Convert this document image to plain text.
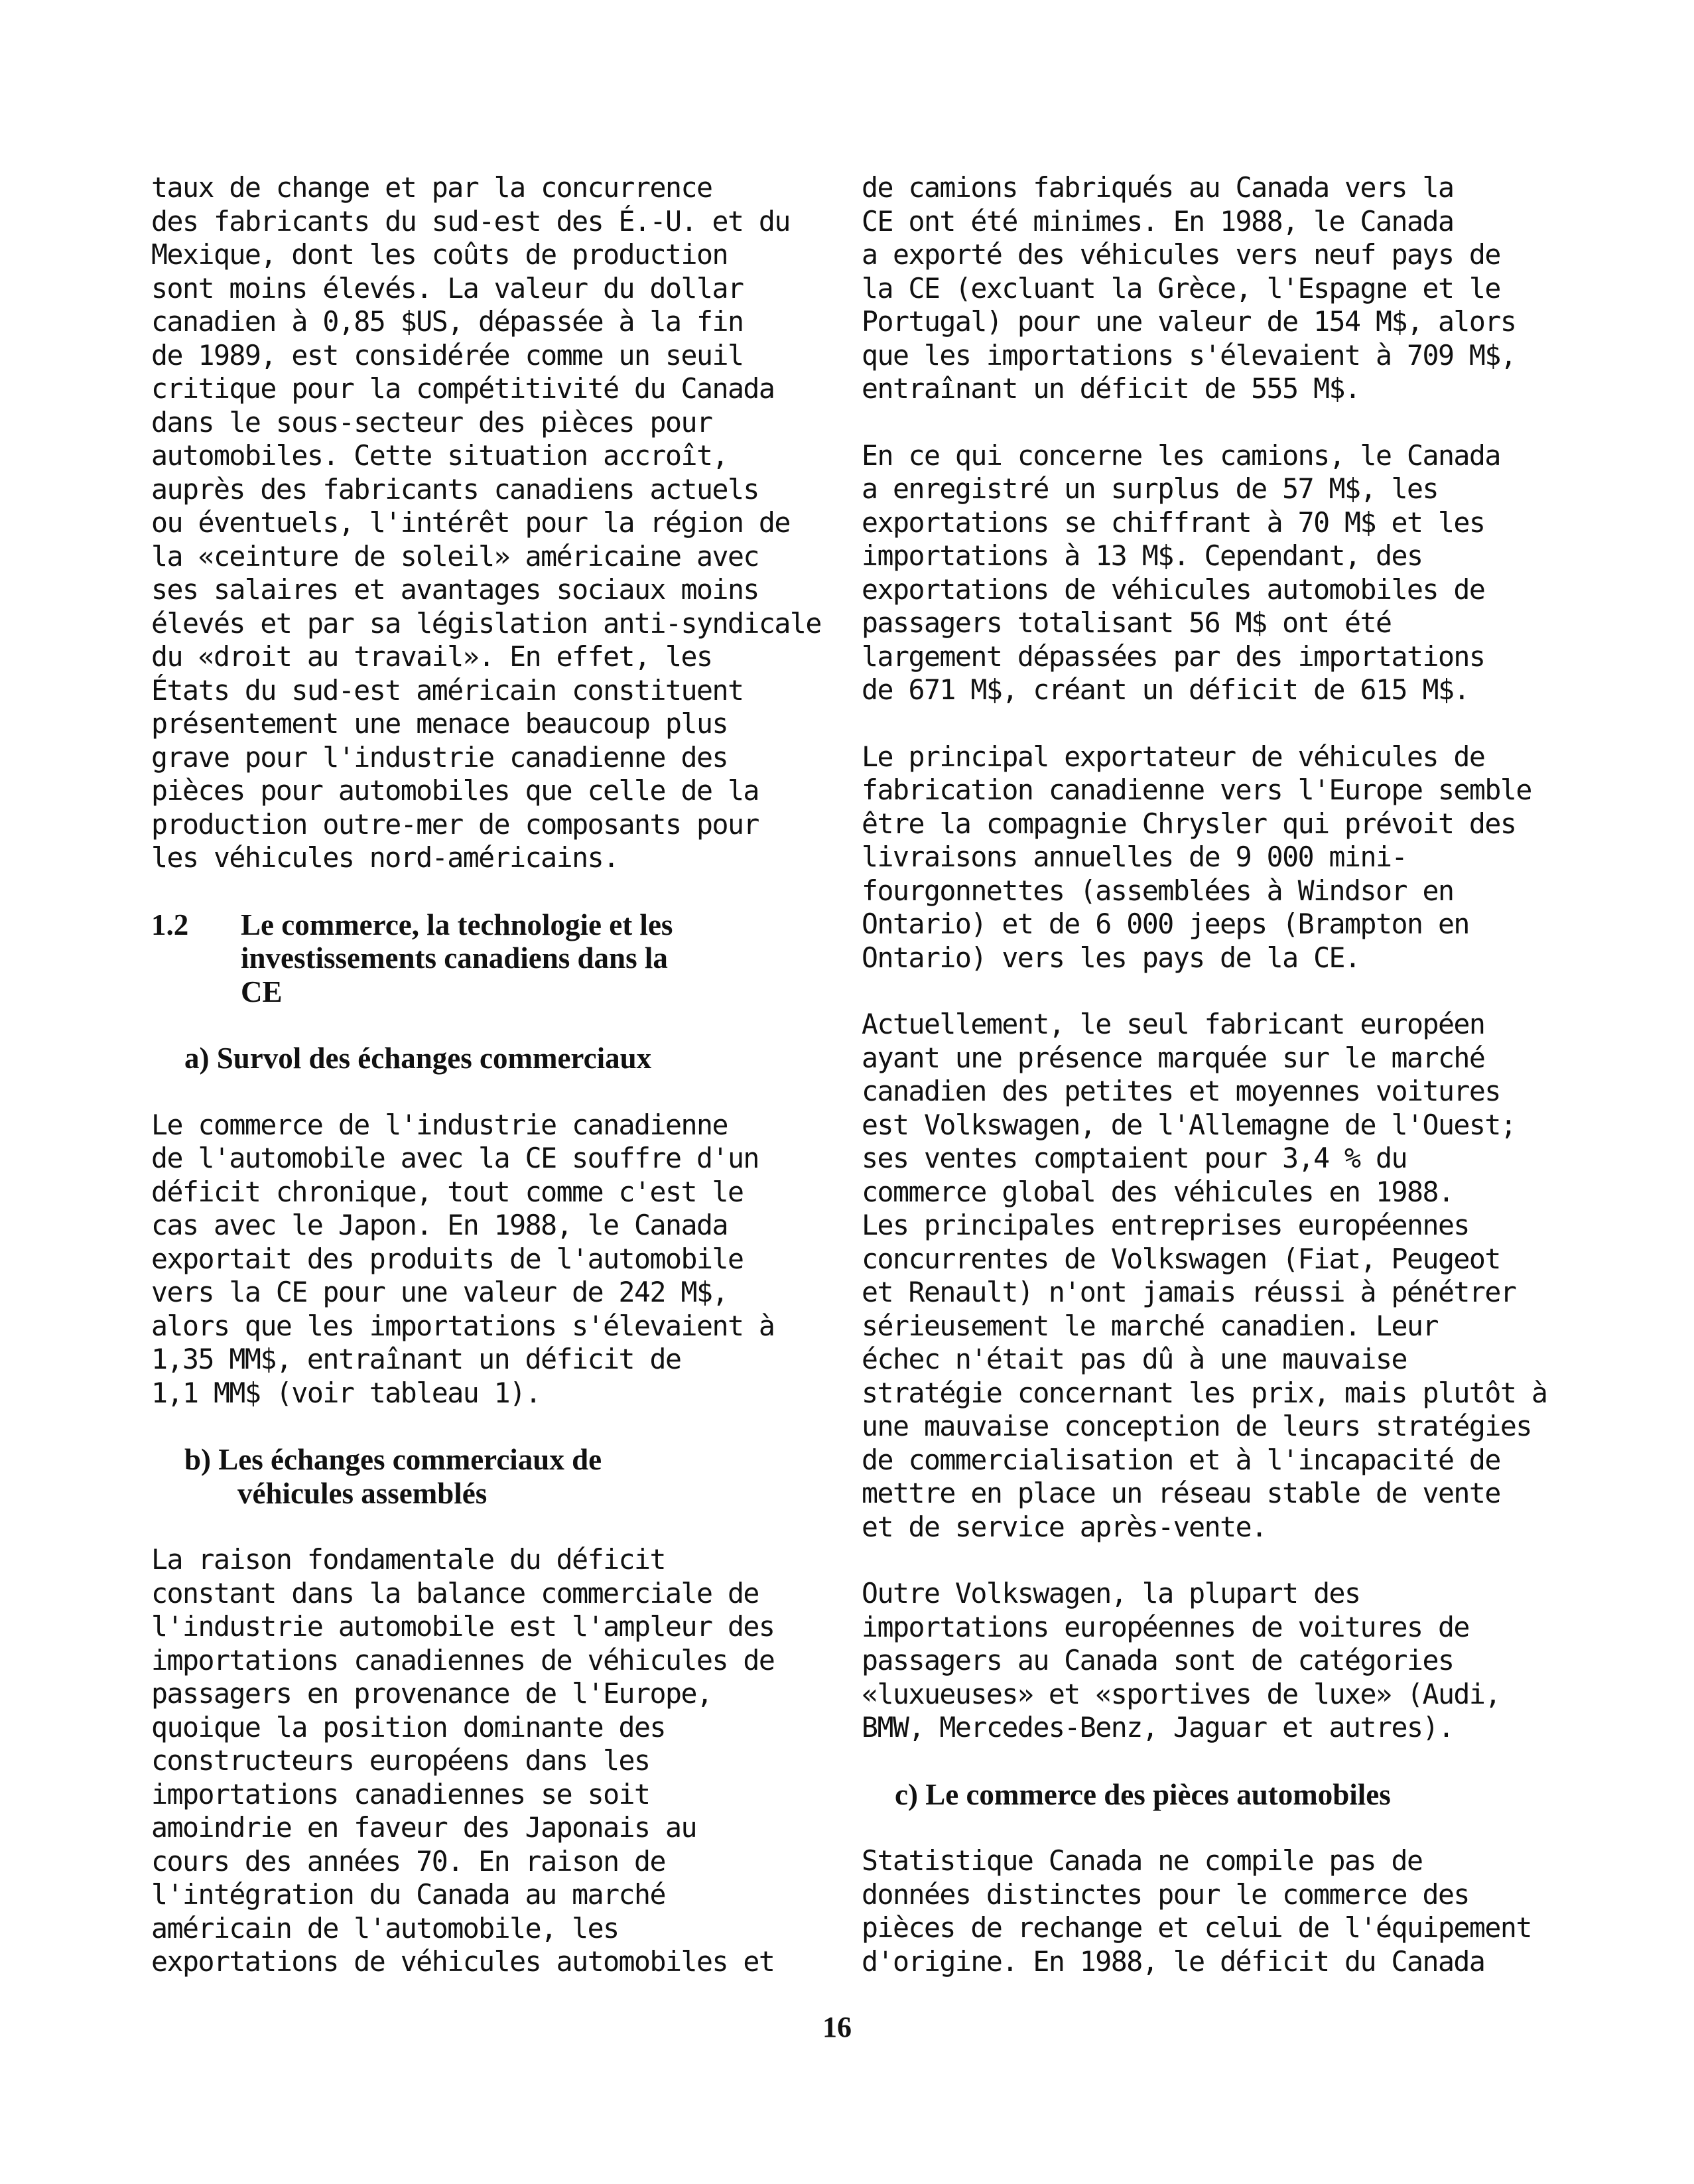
taux de change et par la concurrence
des fabricants du sud-est des É.-U. et du
Mexique, dont les coûts de production
sont moins élevés. La valeur du dollar
canadien à 0,85 $US, dépassée à la fin
de 1989, est considérée comme un seuil
critique pour la compétitivité du Canada
dans le sous-secteur des pièces pour
automobiles. Cette situation accroît,
auprès des fabricants canadiens actuels
ou éventuels, l'intérêt pour la région de
la «ceinture de soleil» américaine avec
ses salaires et avantages sociaux moins
élevés et par sa législation anti-syndicale
du «droit au travail». En effet, les
États du sud-est américain constituent
présentement une menace beaucoup plus
grave pour l'industrie canadienne des
pièces pour automobiles que celle de la
production outre-mer de composants pour
les véhicules nord-américains.
1.2	Le commerce, la technologie et les
investissements canadiens dans la
CE
a) Survol des échanges commerciaux
Le commerce de l'industrie canadienne
de l'automobile avec la CE souffre d'un
déficit chronique, tout comme c'est le
cas avec le Japon. En 1988, le Canada
exportait des produits de l'automobile
vers la CE pour une valeur de 242 M$,
alors que les importations s'élevaient à
1,35 MM$, entraînant un déficit de
1,1 MM$ (voir tableau 1).
b) Les échanges commerciaux de
véhicules assemblés
La raison fondamentale du déficit
constant dans la balance commerciale de
l'industrie automobile est l'ampleur des
importations canadiennes de véhicules de
passagers en provenance de l'Europe,
quoique la position dominante des
constructeurs européens dans les
importations canadiennes se soit
amoindrie en faveur des Japonais au
cours des années 70. En raison de
l'intégration du Canada au marché
américain de l'automobile, les
exportations de véhicules automobiles et
de camions fabriqués au Canada vers la
CE ont été minimes. En 1988, le Canada
a exporté des véhicules vers neuf pays de
la CE (excluant la Grèce, l'Espagne et le
Portugal) pour une valeur de 154 M$, alors
que les importations s'élevaient à 709 M$,
entraînant un déficit de 555 M$.
En ce qui concerne les camions, le Canada
a enregistré un surplus de 57 M$, les
exportations se chiffrant à 70 M$ et les
importations à 13 M$. Cependant, des
exportations de véhicules automobiles de
passagers totalisant 56 M$ ont été
largement dépassées par des importations
de 671 M$, créant un déficit de 615 M$.
Le principal exportateur de véhicules de
fabrication canadienne vers l'Europe semble
être la compagnie Chrysler qui prévoit des
livraisons annuelles de 9 000 mini-
fourgonnettes (assemblées à Windsor en
Ontario) et de 6 000 jeeps (Brampton en
Ontario) vers les pays de la CE.
Actuellement, le seul fabricant européen
ayant une présence marquée sur le marché
canadien des petites et moyennes voitures
est Volkswagen, de l'Allemagne de l'Ouest;
ses ventes comptaient pour 3,4 % du
commerce global des véhicules en 1988.
Les principales entreprises européennes
concurrentes de Volkswagen (Fiat, Peugeot
et Renault) n'ont jamais réussi à pénétrer
sérieusement le marché canadien. Leur
échec n'était pas dû à une mauvaise
stratégie concernant les prix, mais plutôt à
une mauvaise conception de leurs stratégies
de commercialisation et à l'incapacité de
mettre en place un réseau stable de vente
et de service après-vente.
Outre Volkswagen, la plupart des
importations européennes de voitures de
passagers au Canada sont de catégories
«luxueuses» et «sportives de luxe» (Audi,
BMW, Mercedes-Benz, Jaguar et autres).
c) Le commerce des pièces automobiles
Statistique Canada ne compile pas de
données distinctes pour le commerce des
pièces de rechange et celui de l'équipement
d'origine. En 1988, le déficit du Canada
16
